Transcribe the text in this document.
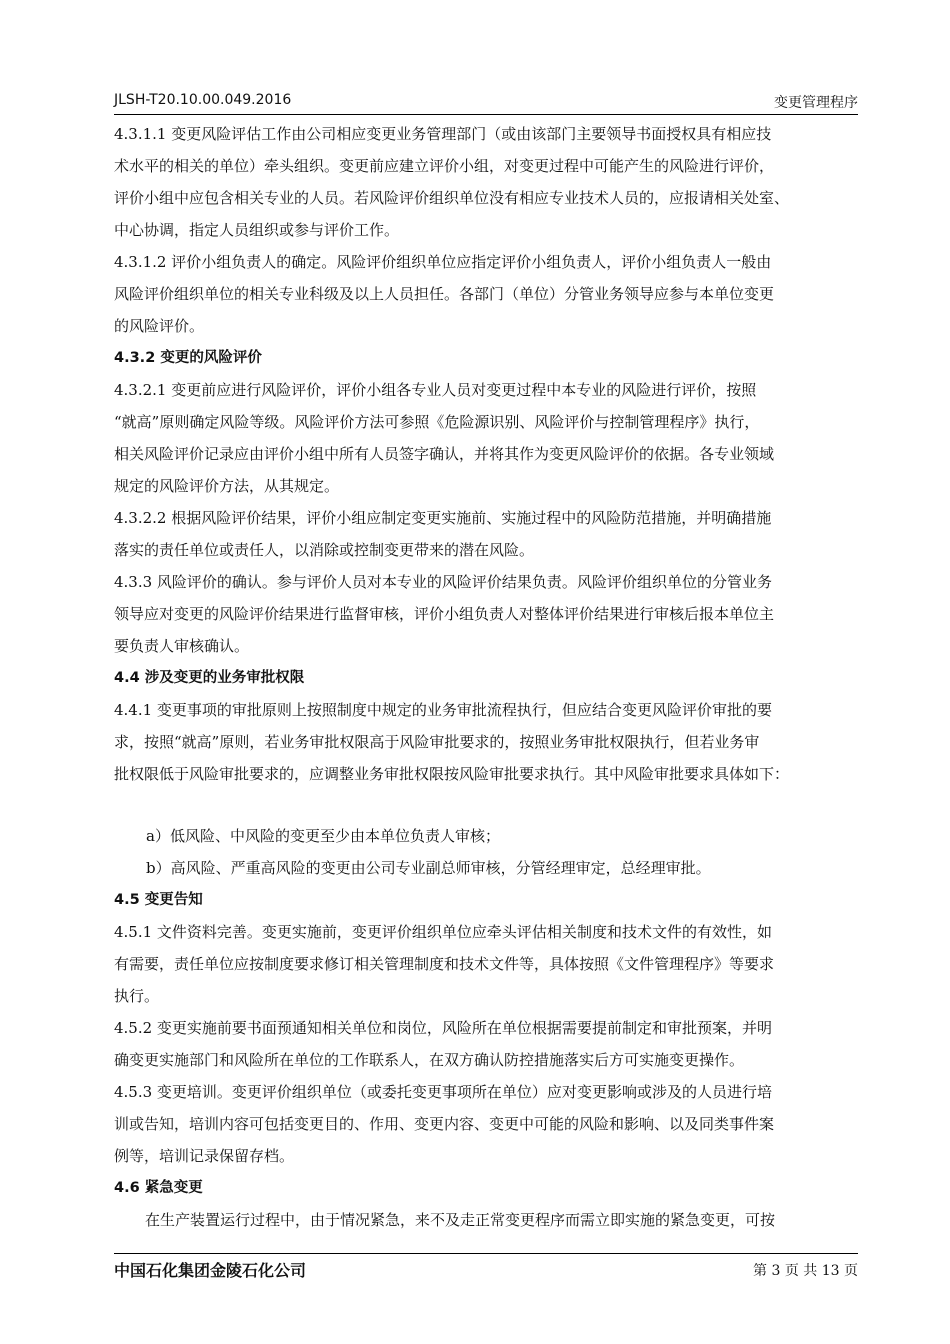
JLSH-T20.10.00.049.2016	变更管理程序
4.3.1.1 变更风险评估工作由公司相应变更业务管理部门（或由该部门主要领导书面授权具有相应技
术水平的相关的单位）牵头组织。变更前应建立评价小组，对变更过程中可能产生的风险进行评价，
评价小组中应包含相关专业的人员。若风险评价组织单位没有相应专业技术人员的，应报请相关处室、
中心协调，指定人员组织或参与评价工作。
4.3.1.2 评价小组负责人的确定。风险评价组织单位应指定评价小组负责人，评价小组负责人一般由
风险评价组织单位的相关专业科级及以上人员担任。各部门（单位）分管业务领导应参与本单位变更
的风险评价。
4.3.2 变更的风险评价
4.3.2.1 变更前应进行风险评价，评价小组各专业人员对变更过程中本专业的风险进行评价，按照
“就高”原则确定风险等级。风险评价方法可参照《危险源识别、风险评价与控制管理程序》执行，
相关风险评价记录应由评价小组中所有人员签字确认，并将其作为变更风险评价的依据。各专业领域
规定的风险评价方法，从其规定。
4.3.2.2 根据风险评价结果，评价小组应制定变更实施前、实施过程中的风险防范措施，并明确措施
落实的责任单位或责任人，以消除或控制变更带来的潜在风险。
4.3.3 风险评价的确认。参与评价人员对本专业的风险评价结果负责。风险评价组织单位的分管业务
领导应对变更的风险评价结果进行监督审核，评价小组负责人对整体评价结果进行审核后报本单位主
要负责人审核确认。
4.4 涉及变更的业务审批权限
4.4.1 变更事项的审批原则上按照制度中规定的业务审批流程执行，但应结合变更风险评价审批的要
求，按照“就高”原则，若业务审批权限高于风险审批要求的，按照业务审批权限执行，但若业务审
批权限低于风险审批要求的，应调整业务审批权限按风险审批要求执行。其中风险审批要求具体如下：
a）低风险、中风险的变更至少由本单位负责人审核；
b）高风险、严重高风险的变更由公司专业副总师审核，分管经理审定，总经理审批。
4.5 变更告知
4.5.1 文件资料完善。变更实施前，变更评价组织单位应牵头评估相关制度和技术文件的有效性，如
有需要，责任单位应按制度要求修订相关管理制度和技术文件等，具体按照《文件管理程序》等要求
执行。
4.5.2 变更实施前要书面预通知相关单位和岗位，风险所在单位根据需要提前制定和审批预案，并明
确变更实施部门和风险所在单位的工作联系人，在双方确认防控措施落实后方可实施变更操作。
4.5.3 变更培训。变更评价组织单位（或委托变更事项所在单位）应对变更影响或涉及的人员进行培
训或告知，培训内容可包括变更目的、作用、变更内容、变更中可能的风险和影响、以及同类事件案
例等，培训记录保留存档。
4.6 紧急变更
在生产装置运行过程中，由于情况紧急，来不及走正常变更程序而需立即实施的紧急变更，可按
中国石化集团金陵石化公司	第 3 页 共 13 页
